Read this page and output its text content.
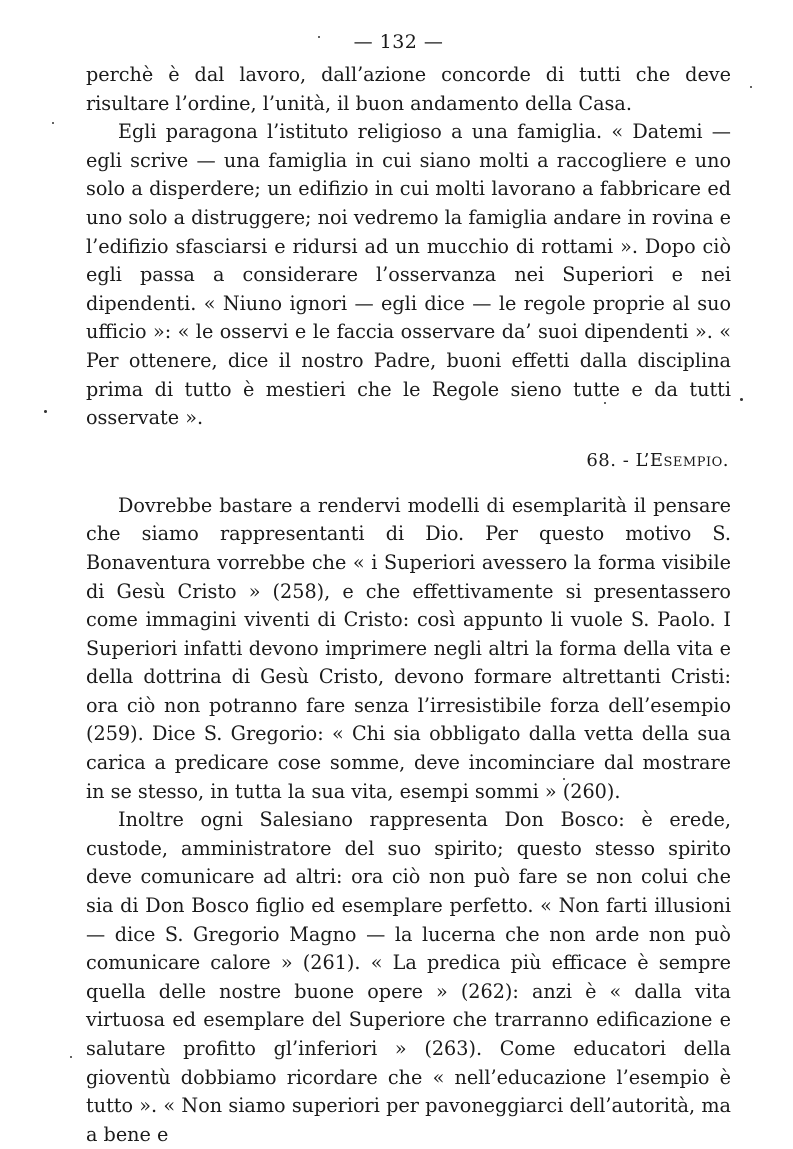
— 132 —

perchè è dal lavoro, dall’azione concorde di tutti che deve risultare l’ordine, l’unità, il buon andamento della Casa.

Egli paragona l’istituto religioso a una famiglia. « Datemi — egli scrive — una famiglia in cui siano molti a raccogliere e uno solo a disperdere; un edifizio in cui molti lavorano a fabbricare ed uno solo a distruggere; noi vedremo la famiglia andare in rovina e l’edifizio sfasciarsi e ridursi ad un mucchio di rottami ». Dopo ciò egli passa a considerare l’osservanza nei Superiori e nei dipendenti. « Niuno ignori — egli dice — le regole proprie al suo ufficio »: « le osservi e le faccia osservare da’ suoi dipendenti ». « Per ottenere, dice il nostro Padre, buoni effetti dalla disciplina prima di tutto è mestieri che le Regole sieno tutte e da tutti osservate ».

68. - L’Esempio.

Dovrebbe bastare a rendervi modelli di esemplarità il pensare che siamo rappresentanti di Dio. Per questo motivo S. Bonaventura vorrebbe che « i Superiori avessero la forma visibile di Gesù Cristo » (258), e che effettivamente si presentassero come immagini viventi di Cristo: così appunto li vuole S. Paolo. I Superiori infatti devono imprimere negli altri la forma della vita e della dottrina di Gesù Cristo, devono formare altrettanti Cristi: ora ciò non potranno fare senza l’irresistibile forza dell’esempio (259). Dice S. Gregorio: « Chi sia obbligato dalla vetta della sua carica a predicare cose somme, deve incominciare dal mostrare in se stesso, in tutta la sua vita, esempi sommi » (260).

Inoltre ogni Salesiano rappresenta Don Bosco: è erede, custode, amministratore del suo spirito; questo stesso spirito deve comunicare ad altri: ora ciò non può fare se non colui che sia di Don Bosco figlio ed esemplare perfetto. « Non farti illusioni — dice S. Gregorio Magno — la lucerna che non arde non può comunicare calore » (261). « La predica più efficace è sempre quella delle nostre buone opere » (262): anzi è « dalla vita virtuosa ed esemplare del Superiore che trarranno edificazione e salutare profitto gl’inferiori » (263). Come educatori della gioventù dobbiamo ricordare che « nell’educazione l’esempio è tutto ». « Non siamo superiori per pavoneggiarci dell’autorità, ma a bene e
